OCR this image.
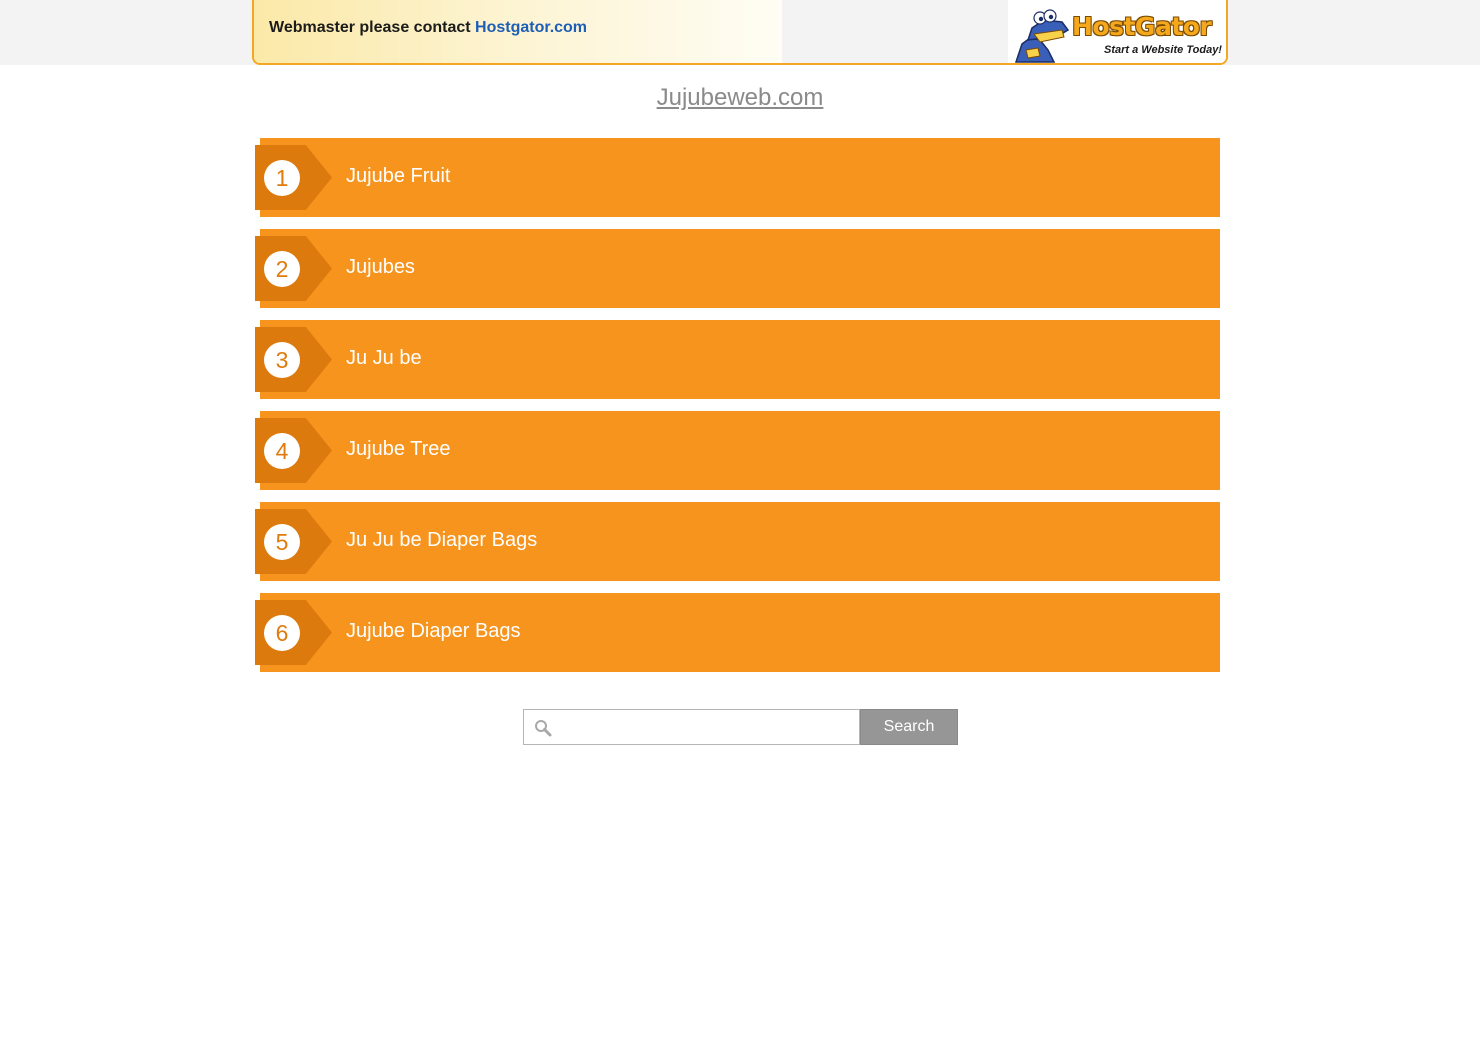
Webmaster please contact Hostgator.com	HostGator
Start a Website Today!
Jujubeweb.com
1	Jujube Fruit
2	Jujubes
3	Ju Ju be
4	Jujube Tree
5	Ju Ju be Diaper Bags
6	Jujube Diaper Bags
Search
